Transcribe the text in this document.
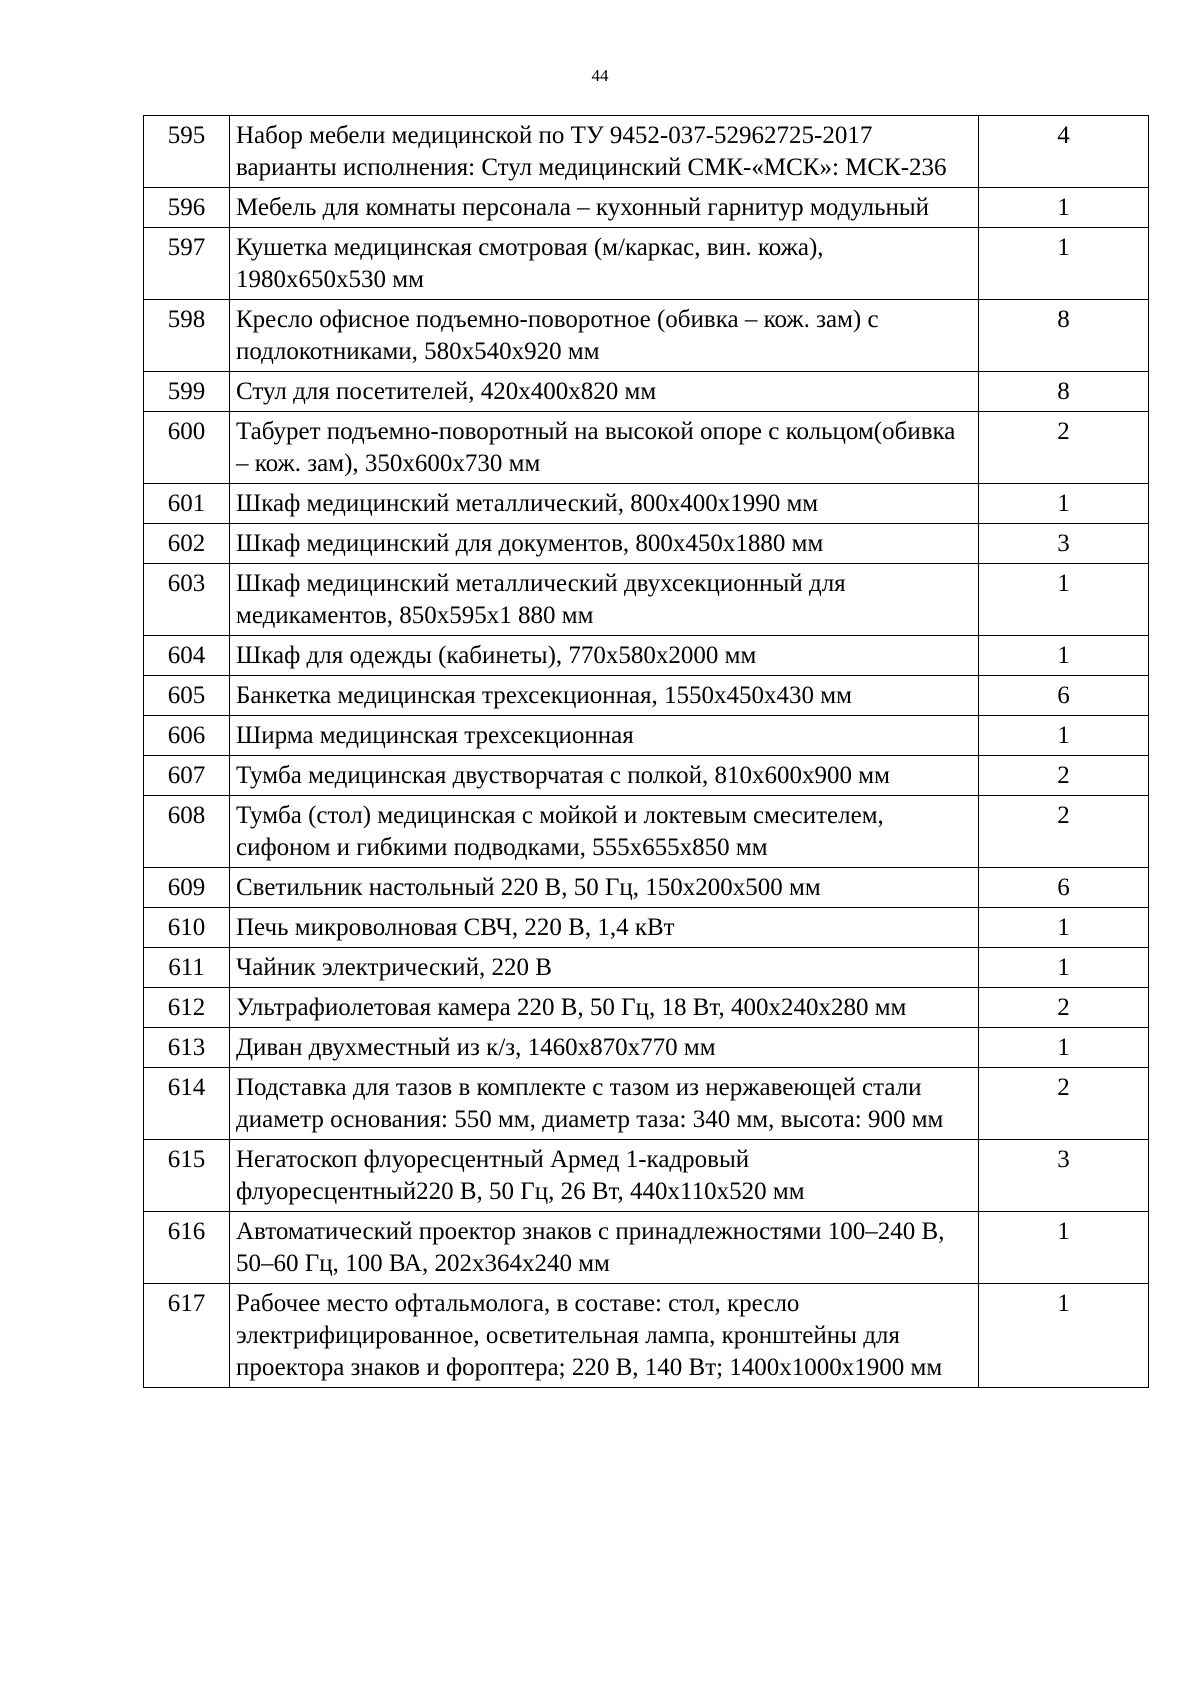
44
595	Набор мебели медицинской по ТУ 9452-037-52962725-2017 варианты исполнения: Стул медицинский СМК-«МСК»: МСК-236	4
596	Мебель для комнаты персонала – кухонный гарнитур модульный	1
597	Кушетка медицинская смотровая (м/каркас, вин. кожа), 1980x650x530 мм	1
598	Кресло офисное подъемно-поворотное (обивка – кож. зам) с подлокотниками, 580x540x920 мм	8
599	Стул для посетителей, 420x400x820 мм	8
600	Табурет подъемно-поворотный на высокой опоре с кольцом(обивка – кож. зам), 350x600x730 мм	2
601	Шкаф медицинский металлический, 800x400x1990 мм	1
602	Шкаф медицинский для документов, 800x450x1880 мм	3
603	Шкаф медицинский металлический двухсекционный для медикаментов, 850x595x1 880 мм	1
604	Шкаф для одежды (кабинеты), 770x580x2000 мм	1
605	Банкетка медицинская трехсекционная, 1550x450x430 мм	6
606	Ширма медицинская трехсекционная	1
607	Тумба медицинская двустворчатая с полкой, 810x600x900 мм	2
608	Тумба (стол) медицинская с мойкой и локтевым смесителем, сифоном и гибкими подводками, 555x655x850 мм	2
609	Светильник настольный 220 В, 50 Гц, 150x200x500 мм	6
610	Печь микроволновая СВЧ, 220 В, 1,4 кВт	1
611	Чайник электрический, 220 В	1
612	Ультрафиолетовая камера 220 В, 50 Гц, 18 Вт, 400x240x280 мм	2
613	Диван двухместный из к/з, 1460x870x770 мм	1
614	Подставка для тазов в комплекте с тазом из нержавеющей стали диаметр основания: 550 мм, диаметр таза: 340 мм, высота: 900 мм	2
615	Негатоскоп флуоресцентный Армед 1-кадровый флуоресцентный220 В, 50 Гц, 26 Вт, 440x110x520 мм	3
616	Автоматический проектор знаков с принадлежностями 100–240 В, 50–60 Гц, 100 ВА, 202x364x240 мм	1
617	Рабочее место офтальмолога, в составе: стол, кресло электрифицированное, осветительная лампа, кронштейны для проектора знаков и фороптера; 220 В, 140 Вт; 1400x1000x1900 мм	1
